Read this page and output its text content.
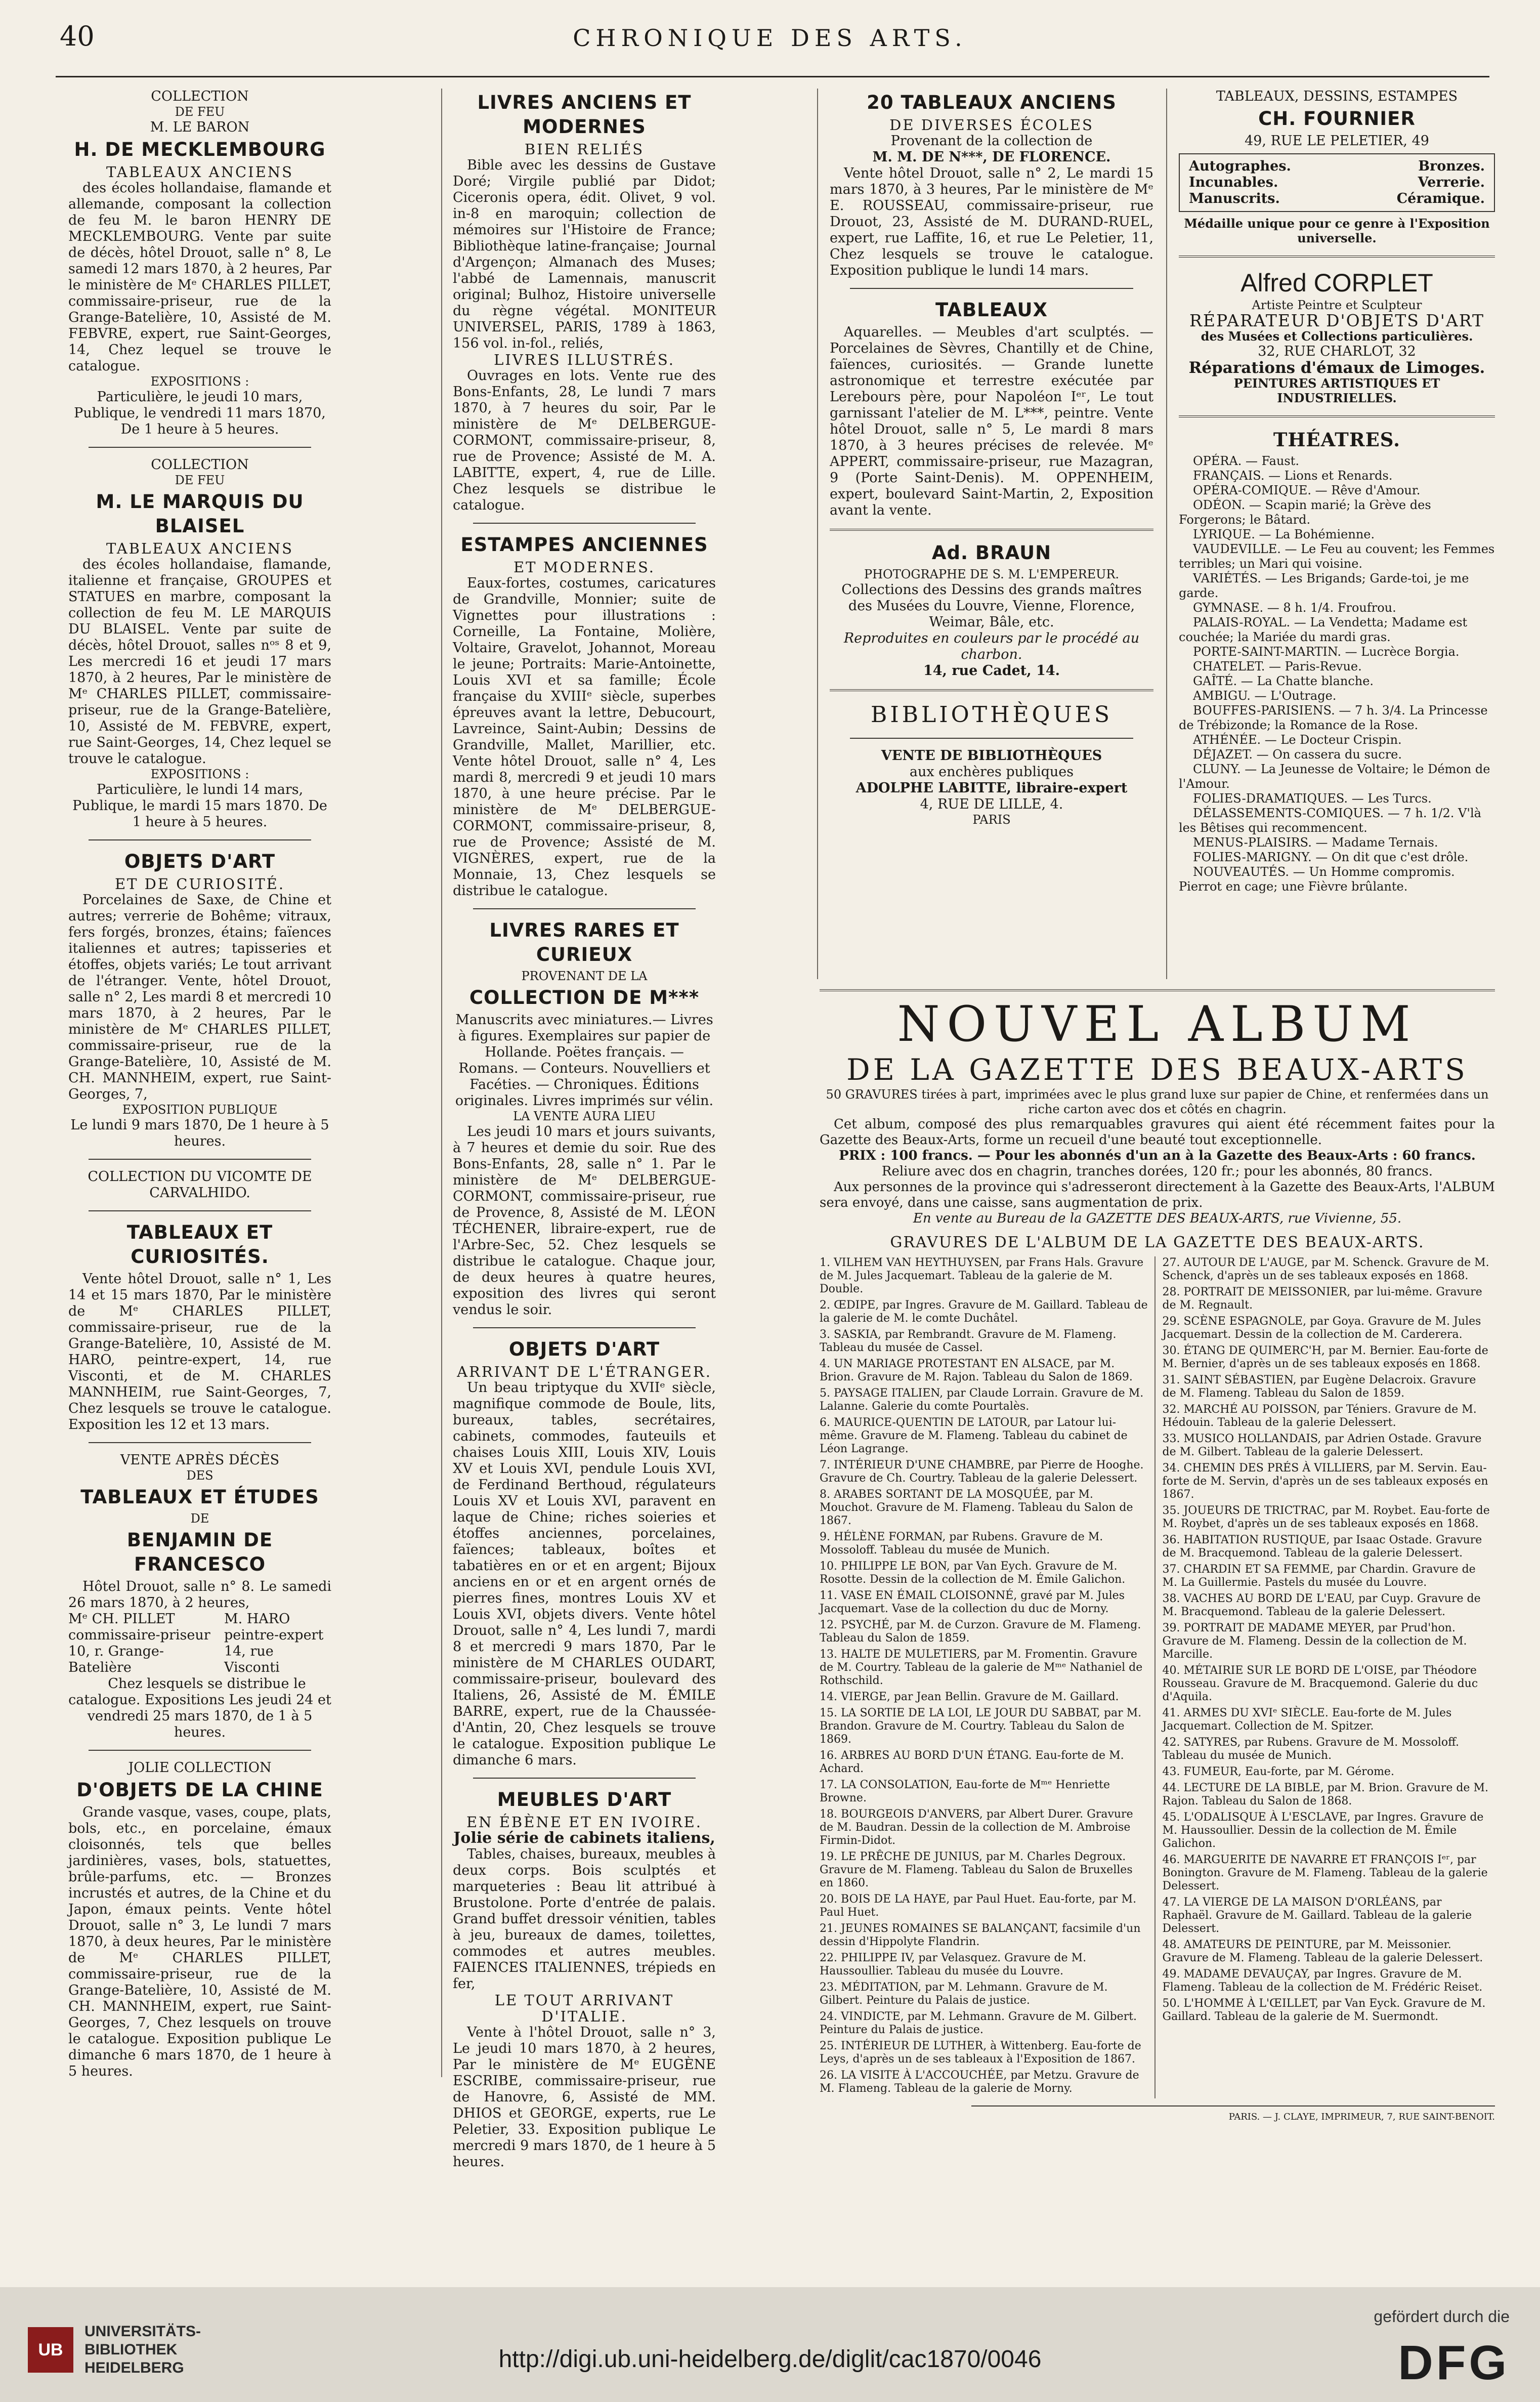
40	CHRONIQUE DES ARTS.
COLLECTION
DE FEU
M. LE BARON
H. DE MECKLEMBOURG
TABLEAUX ANCIENS

des écoles hollandaise, flamande et allemande, composant la collection de feu M. le baron HENRY DE MECKLEMBOURG. Vente par suite de décès, hôtel Drouot, salle n° 8, Le samedi 12 mars 1870, à 2 heures, Par le ministère de Mᵉ CHARLES PILLET, commissaire-priseur, rue de la Grange-Batelière, 10, Assisté de M. FEBVRE, expert, rue Saint-Georges, 14, Chez lequel se trouve le catalogue.

EXPOSITIONS :

Particulière, le jeudi 10 mars, Publique, le vendredi 11 mars 1870, De 1 heure à 5 heures.

COLLECTION
DE FEU
M. LE MARQUIS DU BLAISEL
TABLEAUX ANCIENS

des écoles hollandaise, flamande, italienne et française, GROUPES et STATUES en marbre, composant la collection de feu M. LE MARQUIS DU BLAISEL. Vente par suite de décès, hôtel Drouot, salles nᵒˢ 8 et 9, Les mercredi 16 et jeudi 17 mars 1870, à 2 heures, Par le ministère de Mᵉ CHARLES PILLET, commissaire-priseur, rue de la Grange-Batelière, 10, Assisté de M. FEBVRE, expert, rue Saint-Georges, 14, Chez lequel se trouve le catalogue.

EXPOSITIONS :

Particulière, le lundi 14 mars, Publique, le mardi 15 mars 1870. De 1 heure à 5 heures.

OBJETS D'ART
ET DE CURIOSITÉ.

Porcelaines de Saxe, de Chine et autres; verrerie de Bohême; vitraux, fers forgés, bronzes, étains; faïences italiennes et autres; tapisseries et étoffes, objets variés; Le tout arrivant de l'étranger. Vente, hôtel Drouot, salle n° 2, Les mardi 8 et mercredi 10 mars 1870, à 2 heures, Par le ministère de Mᵉ CHARLES PILLET, commissaire-priseur, rue de la Grange-Batelière, 10, Assisté de M. CH. MANNHEIM, expert, rue Saint-Georges, 7,

EXPOSITION PUBLIQUE

Le lundi 9 mars 1870, De 1 heure à 5 heures.

COLLECTION DU VICOMTE DE CARVALHIDO.
TABLEAUX ET CURIOSITÉS.

Vente hôtel Drouot, salle n° 1, Les 14 et 15 mars 1870, Par le ministère de Mᵉ CHARLES PILLET, commissaire-priseur, rue de la Grange-Batelière, 10, Assisté de M. HARO, peintre-expert, 14, rue Visconti, et de M. CHARLES MANNHEIM, rue Saint-Georges, 7, Chez lesquels se trouve le catalogue. Exposition les 12 et 13 mars.

VENTE APRÈS DÉCÈS
DES
TABLEAUX ET ÉTUDES
DE
BENJAMIN DE FRANCESCO

Hôtel Drouot, salle n° 8. Le samedi 26 mars 1870, à 2 heures,

Mᵉ CH. PILLET
commissaire-priseur
10, r. Grange-Batelière
M. HARO
peintre-expert
14, rue Visconti

Chez lesquels se distribue le catalogue. Expositions Les jeudi 24 et vendredi 25 mars 1870, de 1 à 5 heures.

JOLIE COLLECTION
D'OBJETS DE LA CHINE

Grande vasque, vases, coupe, plats, bols, etc., en porcelaine, émaux cloisonnés, tels que belles jardinières, vases, bols, statuettes, brûle-parfums, etc. — Bronzes incrustés et autres, de la Chine et du Japon, émaux peints. Vente hôtel Drouot, salle n° 3, Le lundi 7 mars 1870, à deux heures, Par le ministère de Mᵉ CHARLES PILLET, commissaire-priseur, rue de la Grange-Batelière, 10, Assisté de M. CH. MANNHEIM, expert, rue Saint-Georges, 7, Chez lesquels on trouve le catalogue. Exposition publique Le dimanche 6 mars 1870, de 1 heure à 5 heures.

LIVRES ANCIENS ET MODERNES
BIEN RELIÉS

Bible avec les dessins de Gustave Doré; Virgile publié par Didot; Ciceronis opera, édit. Olivet, 9 vol. in-8 en maroquin; collection de mémoires sur l'Histoire de France; Bibliothèque latine-française; Journal d'Argençon; Almanach des Muses; l'abbé de Lamennais, manuscrit original; Bulhoz, Histoire universelle du règne végétal. MONITEUR UNIVERSEL, PARIS, 1789 à 1863, 156 vol. in-fol., reliés,

LIVRES ILLUSTRÉS.

Ouvrages en lots. Vente rue des Bons-Enfants, 28, Le lundi 7 mars 1870, à 7 heures du soir, Par le ministère de Mᵉ DELBERGUE-CORMONT, commissaire-priseur, 8, rue de Provence; Assisté de M. A. LABITTE, expert, 4, rue de Lille. Chez lesquels se distribue le catalogue.

ESTAMPES ANCIENNES
ET MODERNES.

Eaux-fortes, costumes, caricatures de Grandville, Monnier; suite de Vignettes pour illustrations : Corneille, La Fontaine, Molière, Voltaire, Gravelot, Johannot, Moreau le jeune; Portraits: Marie-Antoinette, Louis XVI et sa famille; École française du XVIIIᵉ siècle, superbes épreuves avant la lettre, Debucourt, Lavreince, Saint-Aubin; Dessins de Grandville, Mallet, Marillier, etc. Vente hôtel Drouot, salle n° 4, Les mardi 8, mercredi 9 et jeudi 10 mars 1870, à une heure précise. Par le ministère de Mᵉ DELBERGUE-CORMONT, commissaire-priseur, 8, rue de Provence; Assisté de M. VIGNÈRES, expert, rue de la Monnaie, 13, Chez lesquels se distribue le catalogue.

LIVRES RARES ET CURIEUX
PROVENANT DE LA
COLLECTION DE M***

Manuscrits avec miniatures.— Livres à figures. Exemplaires sur papier de Hollande. Poëtes français. — Romans. — Conteurs. Nouvelliers et Facéties. — Chroniques. Éditions originales. Livres imprimés sur vélin.

LA VENTE AURA LIEU

Les jeudi 10 mars et jours suivants, à 7 heures et demie du soir. Rue des Bons-Enfants, 28, salle n° 1. Par le ministère de Mᵉ DELBERGUE-CORMONT, commissaire-priseur, rue de Provence, 8, Assisté de M. LÉON TÉCHENER, libraire-expert, rue de l'Arbre-Sec, 52. Chez lesquels se distribue le catalogue. Chaque jour, de deux heures à quatre heures, exposition des livres qui seront vendus le soir.

OBJETS D'ART
ARRIVANT DE L'ÉTRANGER.

Un beau triptyque du XVIIᵉ siècle, magnifique commode de Boule, lits, bureaux, tables, secrétaires, cabinets, commodes, fauteuils et chaises Louis XIII, Louis XIV, Louis XV et Louis XVI, pendule Louis XVI, de Ferdinand Berthoud, régulateurs Louis XV et Louis XVI, paravent en laque de Chine; riches soieries et étoffes anciennes, porcelaines, faïences; tableaux, boîtes et tabatières en or et en argent; Bijoux anciens en or et en argent ornés de pierres fines, montres Louis XV et Louis XVI, objets divers. Vente hôtel Drouot, salle n° 4, Les lundi 7, mardi 8 et mercredi 9 mars 1870, Par le ministère de M CHARLES OUDART, commissaire-priseur, boulevard des Italiens, 26, Assisté de M. ÉMILE BARRE, expert, rue de la Chaussée-d'Antin, 20, Chez lesquels se trouve le catalogue. Exposition publique Le dimanche 6 mars.

MEUBLES D'ART
EN ÉBÈNE ET EN IVOIRE.
Jolie série de cabinets italiens,

Tables, chaises, bureaux, meubles à deux corps. Bois sculptés et marqueteries : Beau lit attribué à Brustolone. Porte d'entrée de palais. Grand buffet dressoir vénitien, tables à jeu, bureaux de dames, toilettes, commodes et autres meubles. FAIENCES ITALIENNES, trépieds en fer,

LE TOUT ARRIVANT D'ITALIE.

Vente à l'hôtel Drouot, salle n° 3, Le jeudi 10 mars 1870, à 2 heures, Par le ministère de Mᵉ EUGÈNE ESCRIBE, commissaire-priseur, rue de Hanovre, 6, Assisté de MM. DHIOS et GEORGE, experts, rue Le Peletier, 33. Exposition publique Le mercredi 9 mars 1870, de 1 heure à 5 heures.

20 TABLEAUX ANCIENS
DE DIVERSES ÉCOLES
Provenant de la collection de
M. M. DE N***, DE FLORENCE.

Vente hôtel Drouot, salle n° 2, Le mardi 15 mars 1870, à 3 heures, Par le ministère de Mᵉ E. ROUSSEAU, commissaire-priseur, rue Drouot, 23, Assisté de M. DURAND-RUEL, expert, rue Laffite, 16, et rue Le Peletier, 11, Chez lesquels se trouve le catalogue. Exposition publique le lundi 14 mars.

TABLEAUX

Aquarelles. — Meubles d'art sculptés. — Porcelaines de Sèvres, Chantilly et de Chine, faïences, curiosités. — Grande lunette astronomique et terrestre exécutée par Lerebours père, pour Napoléon Iᵉʳ, Le tout garnissant l'atelier de M. L***, peintre. Vente hôtel Drouot, salle n° 5, Le mardi 8 mars 1870, à 3 heures précises de relevée. Mᵉ APPERT, commissaire-priseur, rue Mazagran, 9 (Porte Saint-Denis). M. OPPENHEIM, expert, boulevard Saint-Martin, 2, Exposition avant la vente.

Ad. BRAUN
PHOTOGRAPHE DE S. M. L'EMPEREUR.

Collections des Dessins des grands maîtres des Musées du Louvre, Vienne, Florence, Weimar, Bâle, etc.

Reproduites en couleurs par le procédé au charbon.

14, rue Cadet, 14.
BIBLIOTHÈQUES
VENTE DE BIBLIOTHÈQUES
aux enchères publiques
ADOLPHE LABITTE, libraire-expert
4, RUE DE LILLE, 4.
PARIS
TABLEAUX, DESSINS, ESTAMPES
CH. FOURNIER
49, RUE LE PELETIER, 49
Autographes.
Incunables.
Manuscrits.
Bronzes.
Verrerie.
Céramique.
Médaille unique pour ce genre à l'Exposition universelle.
Alfred CORPLET
Artiste Peintre et Sculpteur
RÉPARATEUR D'OBJETS D'ART
des Musées et Collections particulières.
32, RUE CHARLOT, 32
Réparations d'émaux de Limoges.
PEINTURES ARTISTIQUES ET INDUSTRIELLES.
THÉATRES.
OPÉRA. — Faust.
FRANÇAIS. — Lions et Renards.
OPÉRA-COMIQUE. — Rêve d'Amour.
ODÉON. — Scapin marié; la Grève des Forgerons; le Bâtard.
LYRIQUE. — La Bohémienne.
VAUDEVILLE. — Le Feu au couvent; les Femmes terribles; un Mari qui voisine.
VARIÉTÉS. — Les Brigands; Garde-toi, je me garde.
GYMNASE. — 8 h. 1/4. Froufrou.
PALAIS-ROYAL. — La Vendetta; Madame est couchée; la Mariée du mardi gras.
PORTE-SAINT-MARTIN. — Lucrèce Borgia.
CHATELET. — Paris-Revue.
GAÎTÉ. — La Chatte blanche.
AMBIGU. — L'Outrage.
BOUFFES-PARISIENS. — 7 h. 3/4. La Princesse de Trébizonde; la Romance de la Rose.
ATHÉNÉE. — Le Docteur Crispin.
DÉJAZET. — On cassera du sucre.
CLUNY. — La Jeunesse de Voltaire; le Démon de l'Amour.
FOLIES-DRAMATIQUES. — Les Turcs.
DÉLASSEMENTS-COMIQUES. — 7 h. 1/2. V'là les Bêtises qui recommencent.
MENUS-PLAISIRS. — Madame Ternais.
FOLIES-MARIGNY. — On dit que c'est drôle.
NOUVEAUTÉS. — Un Homme compromis. Pierrot en cage; une Fièvre brûlante.
NOUVEL ALBUM
DE LA GAZETTE DES BEAUX-ARTS

50 GRAVURES tirées à part, imprimées avec le plus grand luxe sur papier de Chine, et renfermées dans un riche carton avec dos et côtés en chagrin.

Cet album, composé des plus remarquables gravures qui aient été récemment faites pour la Gazette des Beaux-Arts, forme un recueil d'une beauté tout exceptionnelle.

PRIX : 100 francs. — Pour les abonnés d'un an à la Gazette des Beaux-Arts : 60 francs.

Reliure avec dos en chagrin, tranches dorées, 120 fr.; pour les abonnés, 80 francs.

Aux personnes de la province qui s'adresseront directement à la Gazette des Beaux-Arts, l'ALBUM sera envoyé, dans une caisse, sans augmentation de prix.

En vente au Bureau de la GAZETTE DES BEAUX-ARTS, rue Vivienne, 55.

GRAVURES DE L'ALBUM DE LA GAZETTE DES BEAUX-ARTS.
1. VILHEM VAN HEYTHUYSEN, par Frans Hals. Gravure de M. Jules Jacquemart. Tableau de la galerie de M. Double.
2. ŒDIPE, par Ingres. Gravure de M. Gaillard. Tableau de la galerie de M. le comte Duchâtel.
3. SASKIA, par Rembrandt. Gravure de M. Flameng. Tableau du musée de Cassel.
4. UN MARIAGE PROTESTANT EN ALSACE, par M. Brion. Gravure de M. Rajon. Tableau du Salon de 1869.
5. PAYSAGE ITALIEN, par Claude Lorrain. Gravure de M. Lalanne. Galerie du comte Pourtalès.
6. MAURICE-QUENTIN DE LATOUR, par Latour lui-même. Gravure de M. Flameng. Tableau du cabinet de Léon Lagrange.
7. INTÉRIEUR D'UNE CHAMBRE, par Pierre de Hooghe. Gravure de Ch. Courtry. Tableau de la galerie Delessert.
8. ARABES SORTANT DE LA MOSQUÉE, par M. Mouchot. Gravure de M. Flameng. Tableau du Salon de 1867.
9. HÉLÈNE FORMAN, par Rubens. Gravure de M. Mossoloff. Tableau du musée de Munich.
10. PHILIPPE LE BON, par Van Eych. Gravure de M. Rosotte. Dessin de la collection de M. Émile Galichon.
11. VASE EN ÉMAIL CLOISONNÉ, gravé par M. Jules Jacquemart. Vase de la collection du duc de Morny.
12. PSYCHÉ, par M. de Curzon. Gravure de M. Flameng. Tableau du Salon de 1859.
13. HALTE DE MULETIERS, par M. Fromentin. Gravure de M. Courtry. Tableau de la galerie de Mᵐᵉ Nathaniel de Rothschild.
14. VIERGE, par Jean Bellin. Gravure de M. Gaillard.
15. LA SORTIE DE LA LOI, LE JOUR DU SABBAT, par M. Brandon. Gravure de M. Courtry. Tableau du Salon de 1869.
16. ARBRES AU BORD D'UN ÉTANG. Eau-forte de M. Achard.
17. LA CONSOLATION, Eau-forte de Mᵐᵉ Henriette Browne.
18. BOURGEOIS D'ANVERS, par Albert Durer. Gravure de M. Baudran. Dessin de la collection de M. Ambroise Firmin-Didot.
19. LE PRÊCHE DE JUNIUS, par M. Charles Degroux. Gravure de M. Flameng. Tableau du Salon de Bruxelles en 1860.
20. BOIS DE LA HAYE, par Paul Huet. Eau-forte, par M. Paul Huet.
21. JEUNES ROMAINES SE BALANÇANT, facsimile d'un dessin d'Hippolyte Flandrin.
22. PHILIPPE IV, par Velasquez. Gravure de M. Haussoullier. Tableau du musée du Louvre.
23. MÉDITATION, par M. Lehmann. Gravure de M. Gilbert. Peinture du Palais de justice.
24. VINDICTE, par M. Lehmann. Gravure de M. Gilbert. Peinture du Palais de justice.
25. INTÉRIEUR DE LUTHER, à Wittenberg. Eau-forte de Leys, d'après un de ses tableaux à l'Exposition de 1867.
26. LA VISITE À L'ACCOUCHÉE, par Metzu. Gravure de M. Flameng. Tableau de la galerie de Morny.
27. AUTOUR DE L'AUGE, par M. Schenck. Gravure de M. Schenck, d'après un de ses tableaux exposés en 1868.
28. PORTRAIT DE MEISSONIER, par lui-même. Gravure de M. Regnault.
29. SCÈNE ESPAGNOLE, par Goya. Gravure de M. Jules Jacquemart. Dessin de la collection de M. Carderera.
30. ÉTANG DE QUIMERC'H, par M. Bernier. Eau-forte de M. Bernier, d'après un de ses tableaux exposés en 1868.
31. SAINT SÉBASTIEN, par Eugène Delacroix. Gravure de M. Flameng. Tableau du Salon de 1859.
32. MARCHÉ AU POISSON, par Téniers. Gravure de M. Hédouin. Tableau de la galerie Delessert.
33. MUSICO HOLLANDAIS, par Adrien Ostade. Gravure de M. Gilbert. Tableau de la galerie Delessert.
34. CHEMIN DES PRÉS À VILLIERS, par M. Servin. Eau-forte de M. Servin, d'après un de ses tableaux exposés en 1867.
35. JOUEURS DE TRICTRAC, par M. Roybet. Eau-forte de M. Roybet, d'après un de ses tableaux exposés en 1868.
36. HABITATION RUSTIQUE, par Isaac Ostade. Gravure de M. Bracquemond. Tableau de la galerie Delessert.
37. CHARDIN ET SA FEMME, par Chardin. Gravure de M. La Guillermie. Pastels du musée du Louvre.
38. VACHES AU BORD DE L'EAU, par Cuyp. Gravure de M. Bracquemond. Tableau de la galerie Delessert.
39. PORTRAIT DE MADAME MEYER, par Prud'hon. Gravure de M. Flameng. Dessin de la collection de M. Marcille.
40. MÉTAIRIE SUR LE BORD DE L'OISE, par Théodore Rousseau. Gravure de M. Bracquemond. Galerie du duc d'Aquila.
41. ARMES DU XVIᵉ SIÈCLE. Eau-forte de M. Jules Jacquemart. Collection de M. Spitzer.
42. SATYRES, par Rubens. Gravure de M. Mossoloff. Tableau du musée de Munich.
43. FUMEUR, Eau-forte, par M. Gérome.
44. LECTURE DE LA BIBLE, par M. Brion. Gravure de M. Rajon. Tableau du Salon de 1868.
45. L'ODALISQUE À L'ESCLAVE, par Ingres. Gravure de M. Haussoullier. Dessin de la collection de M. Émile Galichon.
46. MARGUERITE DE NAVARRE ET FRANÇOIS Iᵉʳ, par Bonington. Gravure de M. Flameng. Tableau de la galerie Delessert.
47. LA VIERGE DE LA MAISON D'ORLÉANS, par Raphaël. Gravure de M. Gaillard. Tableau de la galerie Delessert.
48. AMATEURS DE PEINTURE, par M. Meissonier. Gravure de M. Flameng. Tableau de la galerie Delessert.
49. MADAME DEVAUÇAY, par Ingres. Gravure de M. Flameng. Tableau de la collection de M. Frédéric Reiset.
50. L'HOMME À L'ŒILLET, par Van Eyck. Gravure de M. Gaillard. Tableau de la galerie de M. Suermondt.
PARIS. — J. CLAYE, IMPRIMEUR, 7, RUE SAINT-BENOIT.
UB
UNIVERSITÄTS-
BIBLIOTHEK
HEIDELBERG	http://digi.ub.uni-heidelberg.de/diglit/cac1870/0046
gefördert durch die
DFG
